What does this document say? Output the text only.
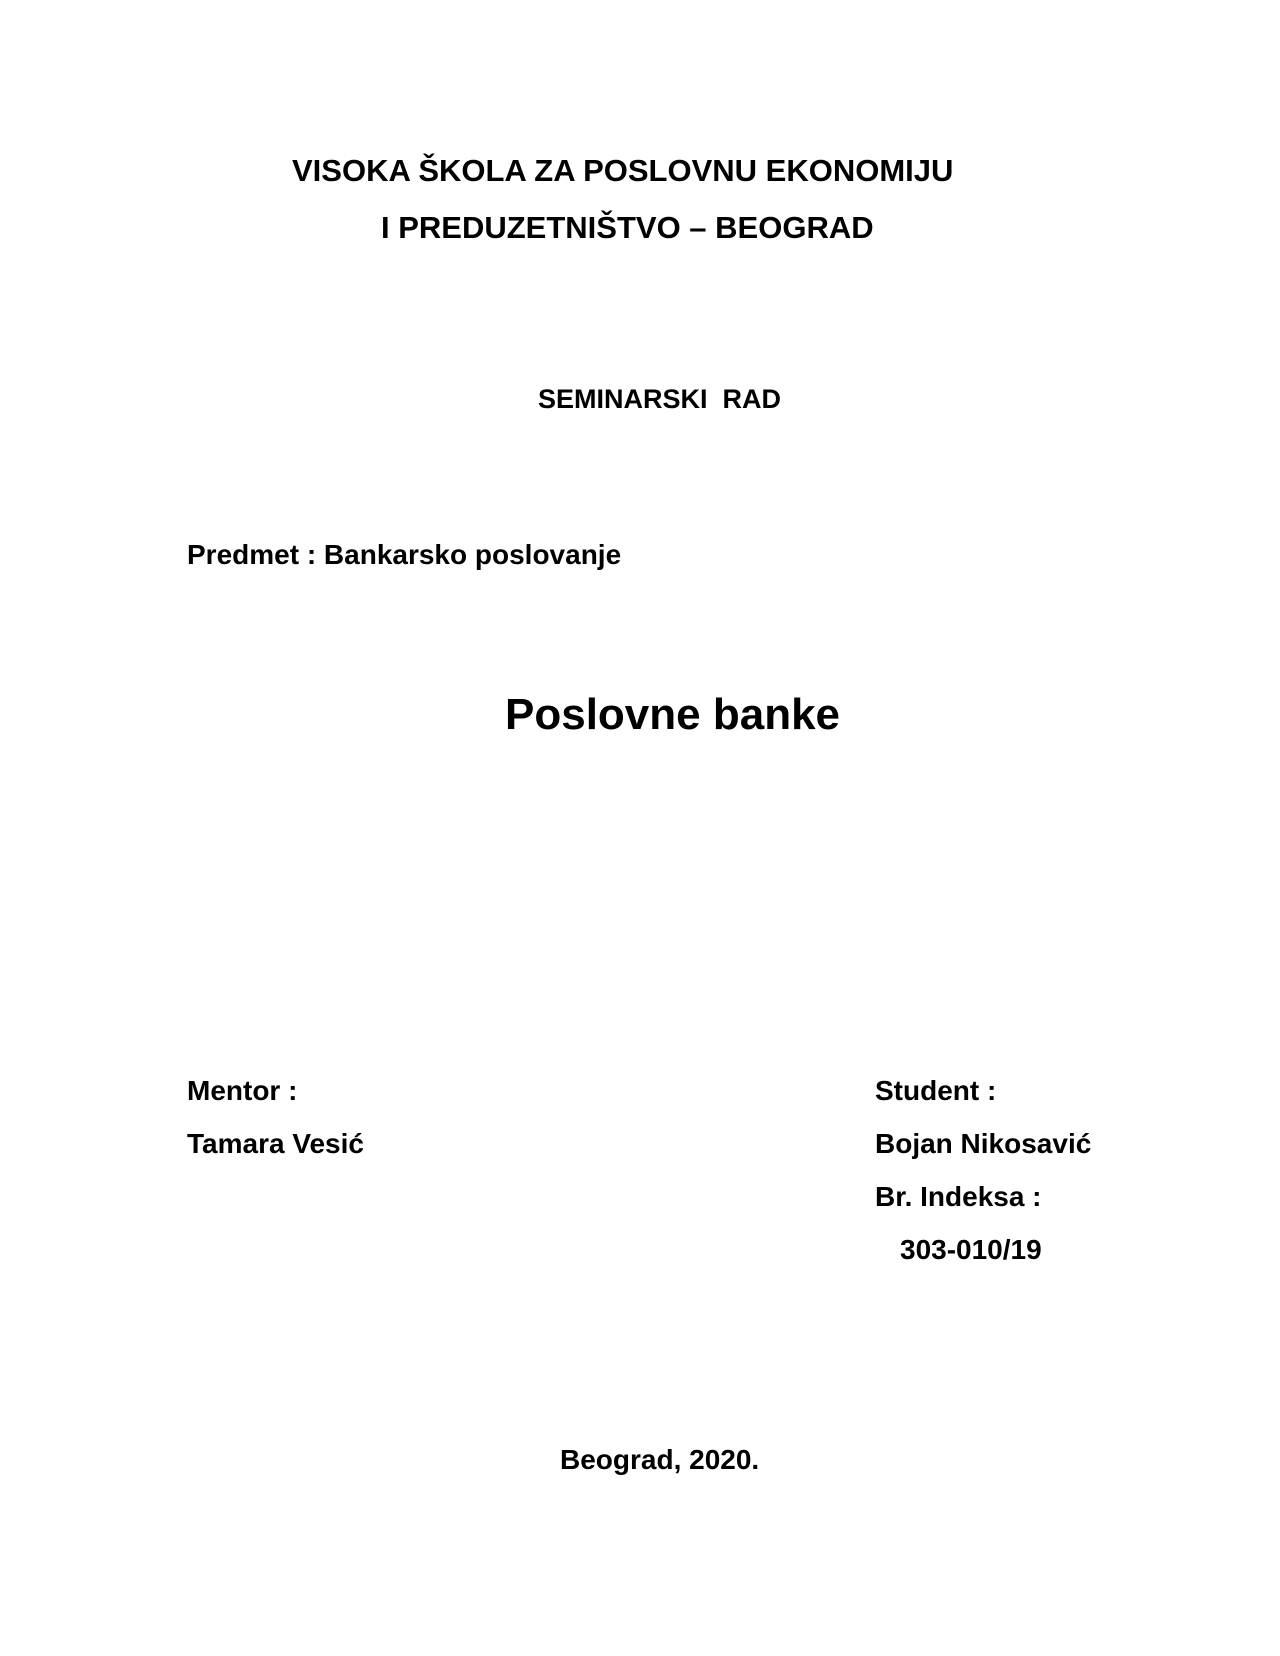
VISOKA ŠKOLA ZA POSLOVNU EKONOMIJU
I PREDUZETNIŠTVO – BEOGRAD
SEMINARSKI  RAD
Predmet : Bankarsko poslovanje
Poslovne banke
Mentor :
Tamara Vesić
Student :
Bojan Nikosavić
Br. Indeksa :
303-010/19
Beograd, 2020.
